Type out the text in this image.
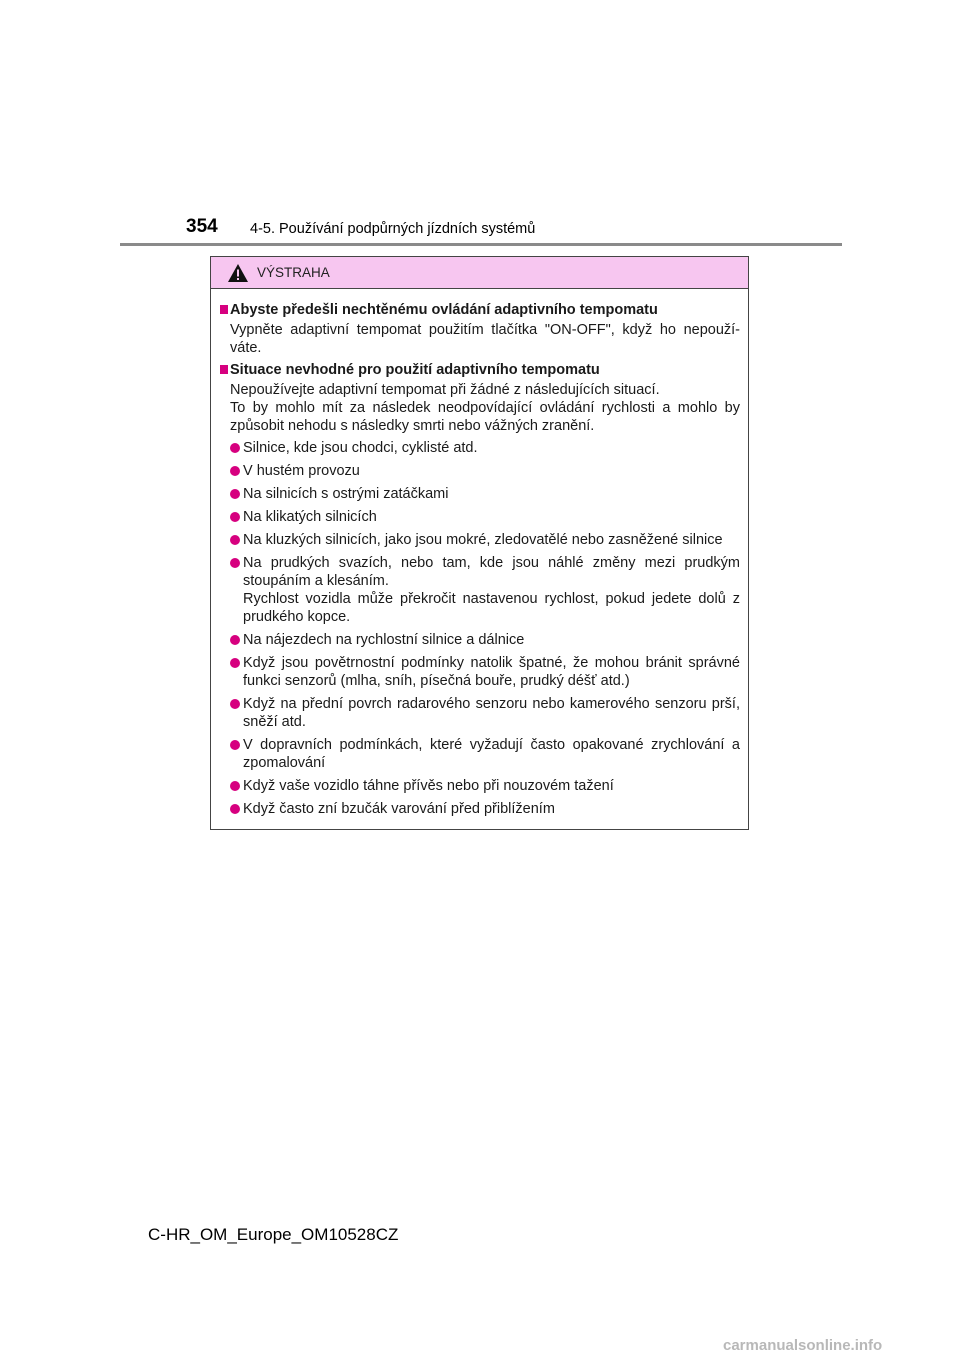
354 4-5. Používání podpůrných jízdních systémů
VÝSTRAHA
Abyste předešli nechtěnému ovládání adaptivního tempomatu
Vypněte adaptivní tempomat použitím tlačítka "ON-OFF", když ho nepouží-váte.
Situace nevhodné pro použití adaptivního tempomatu
Nepoužívejte adaptivní tempomat při žádné z následujících situací.
To by mohlo mít za následek neodpovídající ovládání rychlosti a mohlo by způsobit nehodu s následky smrti nebo vážných zranění.
Silnice, kde jsou chodci, cyklisté atd.
V hustém provozu
Na silnicích s ostrými zatáčkami
Na klikatých silnicích
Na kluzkých silnicích, jako jsou mokré, zledovatělé nebo zasněžené silnice
Na prudkých svazích, nebo tam, kde jsou náhlé změny mezi prudkým stoupáním a klesáním.
Rychlost vozidla může překročit nastavenou rychlost, pokud jedete dolů z prudkého kopce.
Na nájezdech na rychlostní silnice a dálnice
Když jsou povětrnostní podmínky natolik špatné, že mohou bránit správné funkci senzorů (mlha, sníh, písečná bouře, prudký déšť atd.)
Když na přední povrch radarového senzoru nebo kamerového senzoru prší, sněží atd.
V dopravních podmínkách, které vyžadují často opakované zrychlování a zpomalování
Když vaše vozidlo táhne přívěs nebo při nouzovém tažení
Když často zní bzučák varování před přiblížením
C-HR_OM_Europe_OM10528CZ
carmanualsonline.info
